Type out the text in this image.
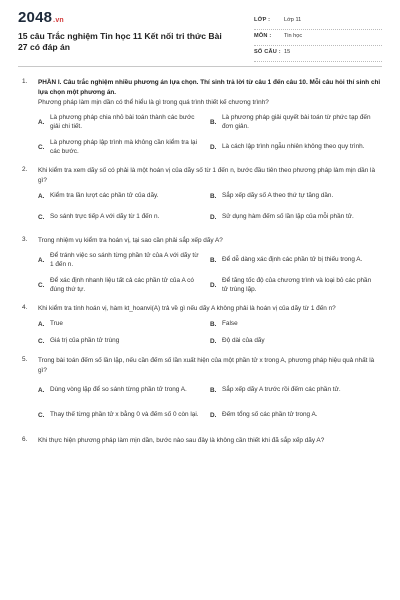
2048.vn
15 câu Trắc nghiệm Tin học 11 Kết nối tri thức Bài 27 có đáp án
LỚP : Lớp 11
MÔN : Tin học
SỐ CÂU : 15
1. PHẦN I. Câu trắc nghiệm nhiều phương án lựa chọn. Thí sinh trả lời từ câu 1 đến câu 10. Mỗi câu hỏi thí sinh chỉ lựa chọn một phương án.
Phương pháp làm mịn dần có thể hiểu là gì trong quá trình thiết kế chương trình?
A.
Là phương pháp chia nhỏ bài toán thành các bước giải chi tiết.
B.
Là phương pháp giải quyết bài toán từ phức tạp đến đơn giản.
C.
Là phương pháp lập trình mà không cần kiểm tra lại các bước.
D. Là cách lập trình ngẫu nhiên không theo quy trình.
2. Khi kiểm tra xem dãy số có phải là một hoán vị của dãy số từ 1 đến n, bước đầu tiên theo phương pháp làm mịn dần là gì?
A. Kiểm tra lần lượt các phần tử của dãy.	B. Sắp xếp dãy số A theo thứ tự tăng dần.
C. So sánh trực tiếp A với dãy từ 1 đến n.	D. Sử dụng hàm đếm số lần lặp của mỗi phần tử.
3. Trong nhiệm vụ kiểm tra hoán vị, tại sao cần phải sắp xếp dãy A?
A.
Để tránh việc so sánh từng phần tử của A với dãy từ 1 đến n.
B. Để dễ dàng xác định các phần tử bị thiếu trong A.
C.
Để xác định nhanh liệu tất cả các phần tử của A có đúng thứ tự.
D.
Để tăng tốc độ của chương trình và loại bỏ các phần tử trùng lặp.
4. Khi kiểm tra tính hoán vị, hàm kt_hoanvi(A) trả về gì nếu dãy A không phải là hoán vị của dãy từ 1 đến n?
A. True	B. False
C. Giá trị của phần tử trùng	D. Độ dài của dãy
5. Trong bài toán đếm số lần lặp, nếu cần đếm số lần xuất hiện của một phần tử x trong A, phương pháp hiệu quả nhất là gì?
A. Dùng vòng lặp để so sánh từng phần tử trong A.	B. Sắp xếp dãy A trước rồi đếm các phần tử.
C. Thay thế từng phần tử x bằng 0 và đếm số 0 còn lại.	D. Đếm tổng số các phần tử trong A.
6. Khi thực hiện phương pháp làm mịn dần, bước nào sau đây là không cần thiết khi đã sắp xếp dãy A?
